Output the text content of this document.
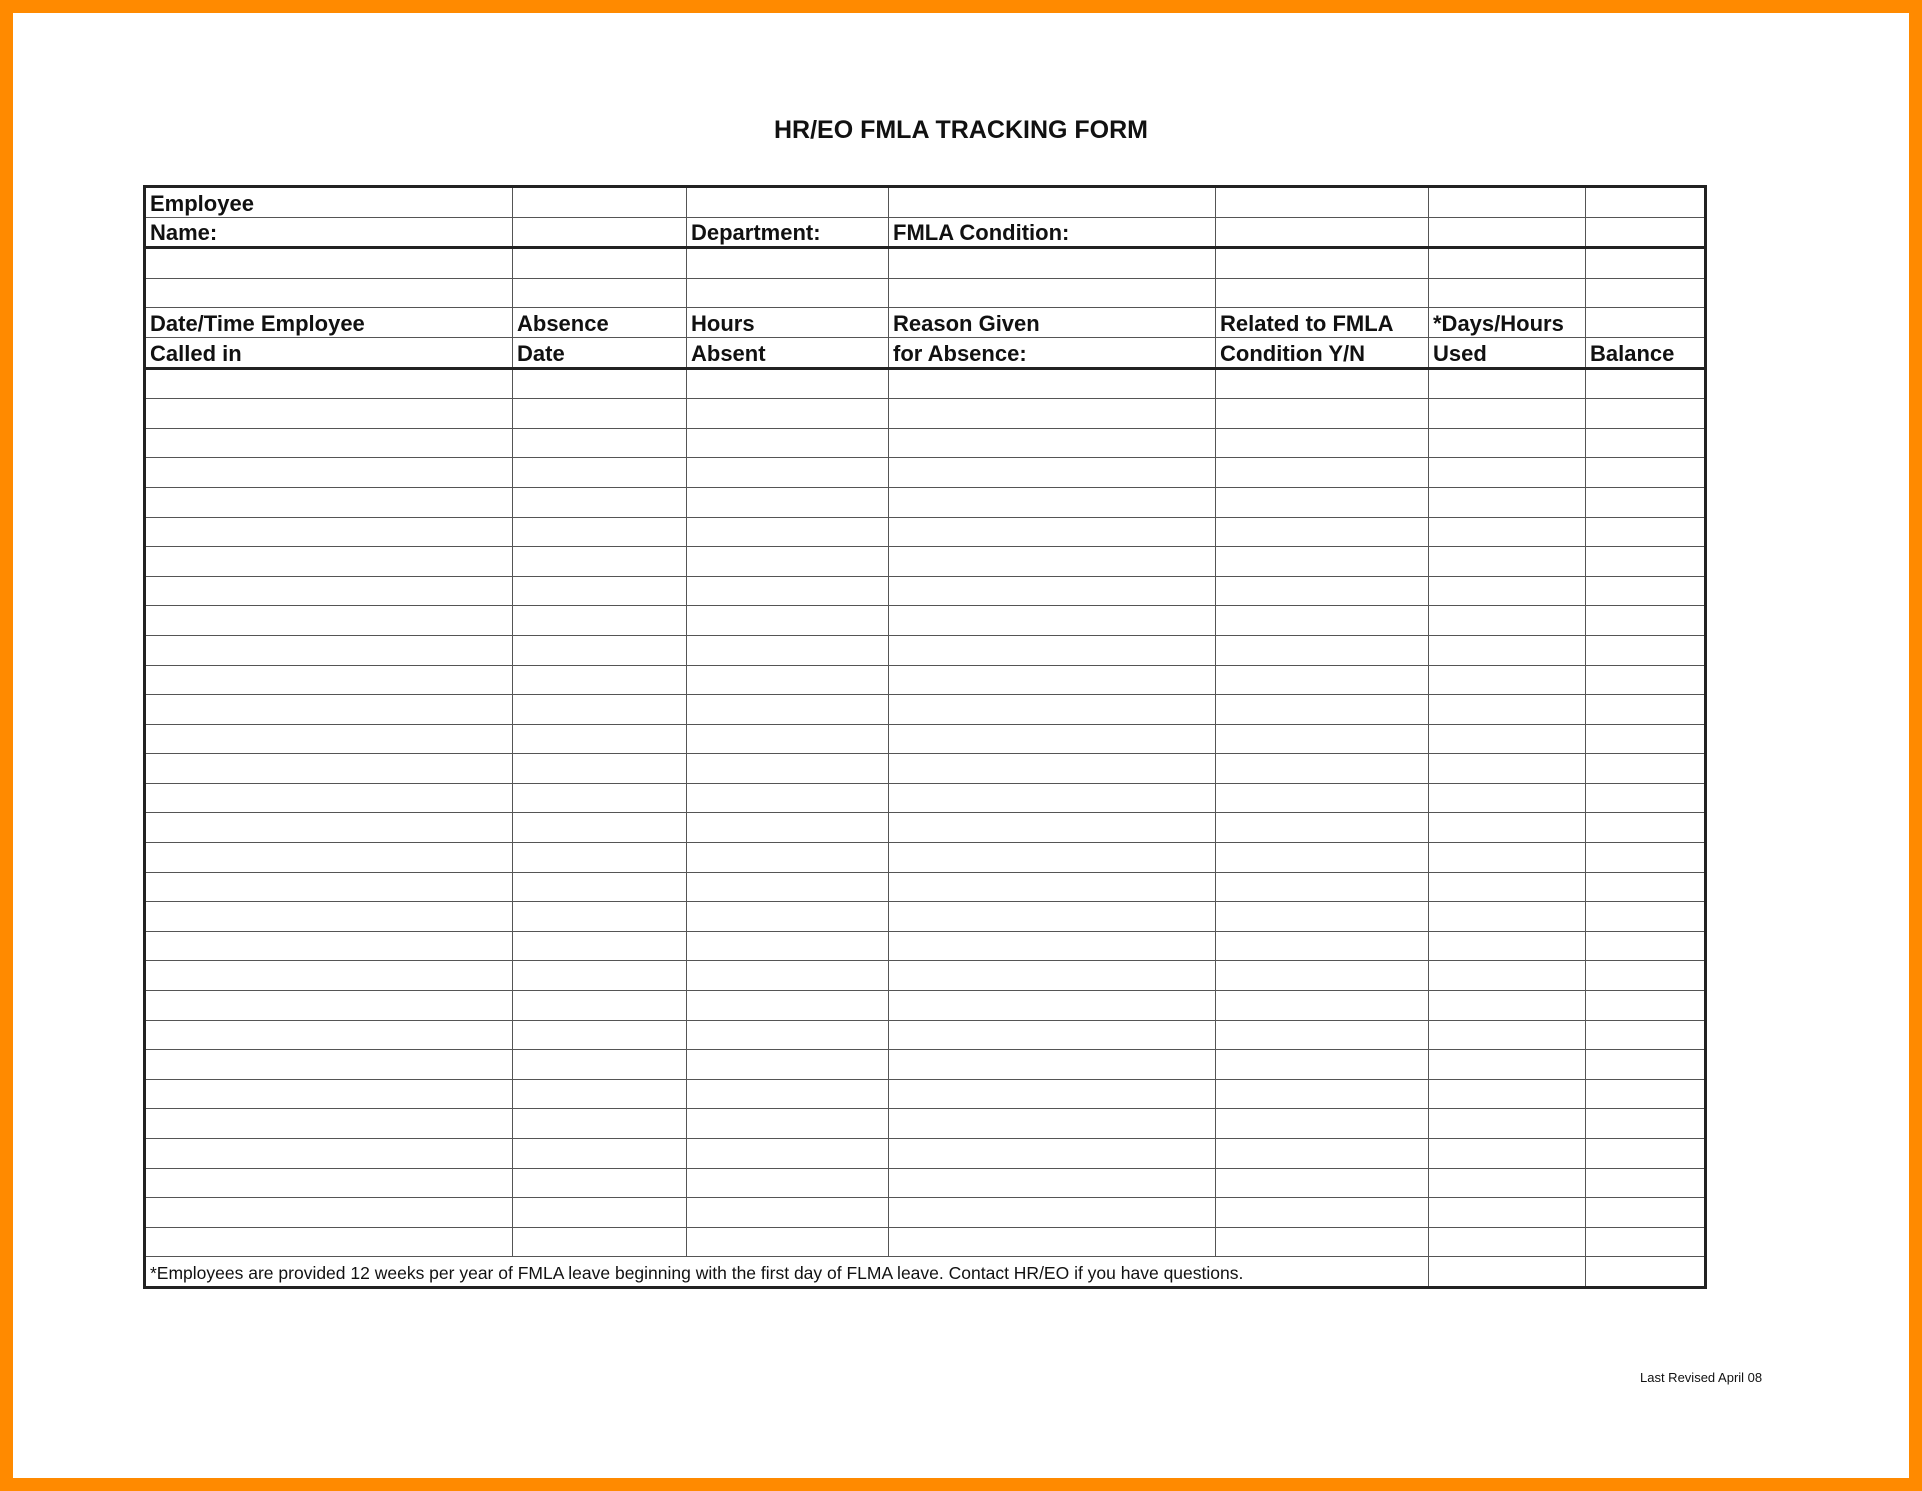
HR/EO FMLA TRACKING FORM
Employee						
Name:		Department:	FMLA Condition:			

Date/Time Employee	Absence	Hours	Reason Given	Related to FMLA	*Days/Hours	
Called in	Date	Absent	for Absence:	Condition Y/N	Used	Balance

*Employees are provided 12 weeks per year of FMLA leave beginning with the first day of FLMA leave. Contact HR/EO if you have questions.						

Last Revised April 08
